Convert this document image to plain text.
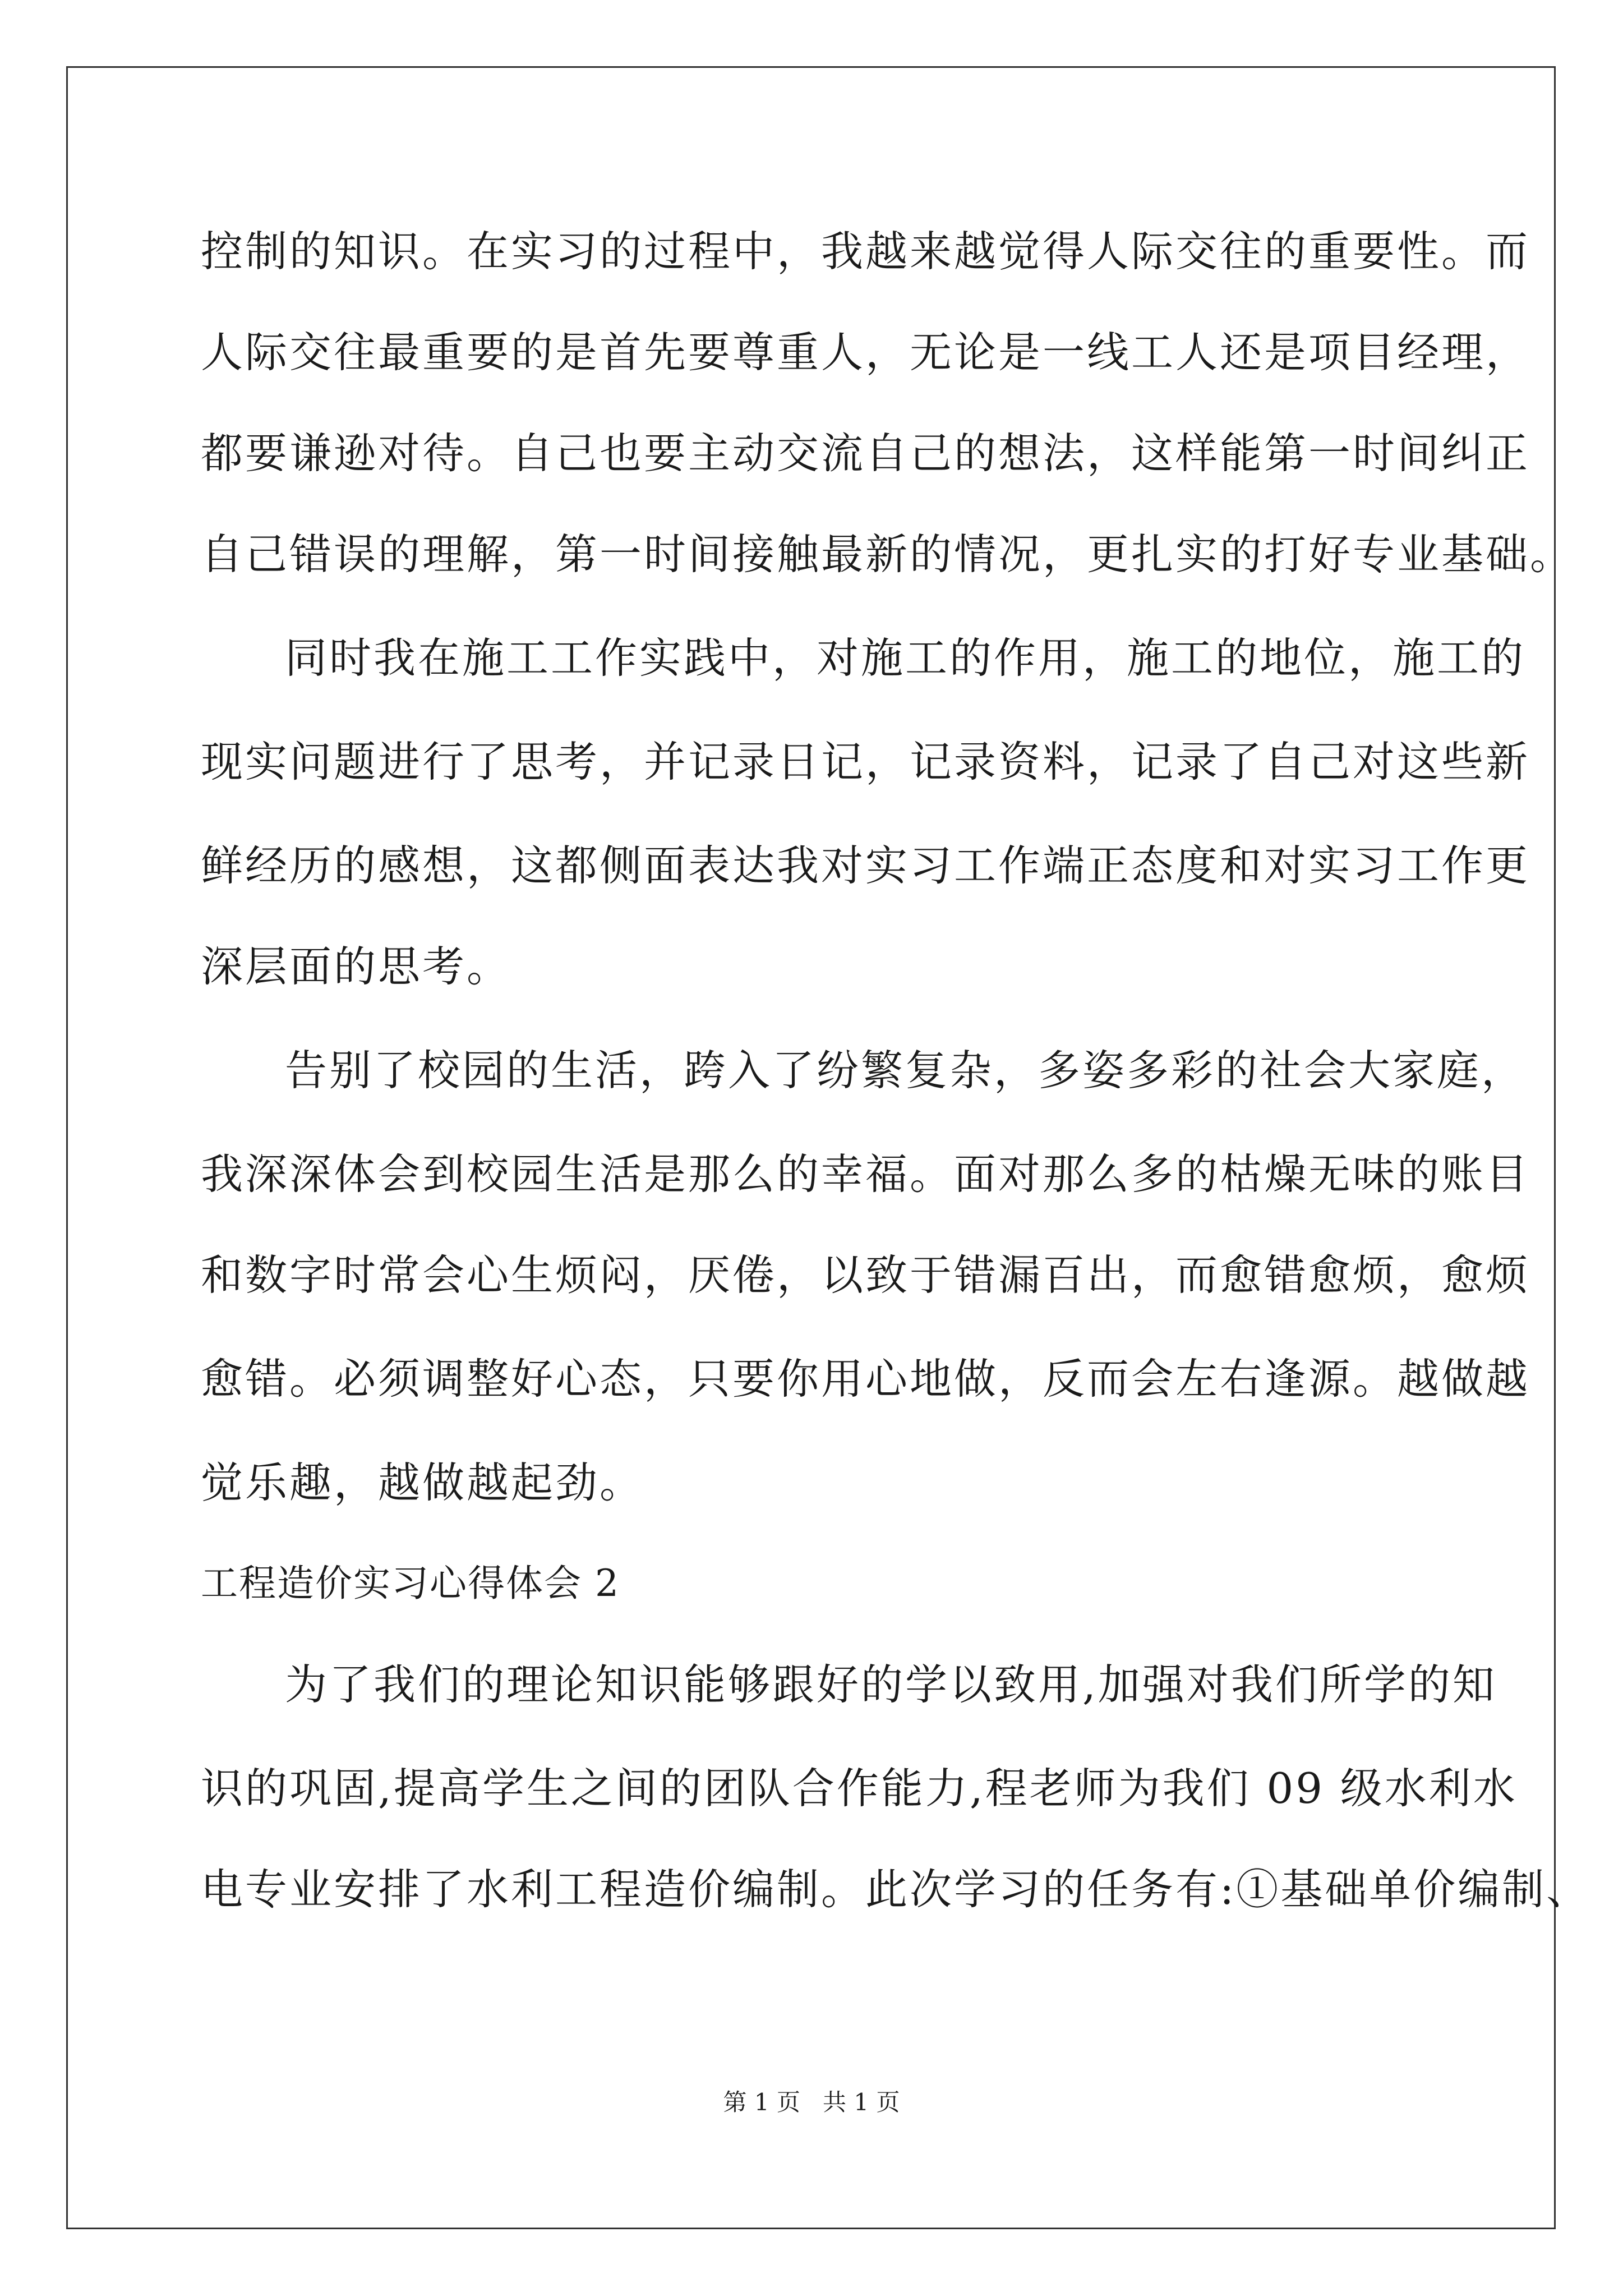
控制的知识。在实习的过程中，我越来越觉得人际交往的重要性。而
人际交往最重要的是首先要尊重人，无论是一线工人还是项目经理，
都要谦逊对待。自己也要主动交流自己的想法，这样能第一时间纠正
自己错误的理解，第一时间接触最新的情况，更扎实的打好专业基础。
同时我在施工工作实践中，对施工的作用，施工的地位，施工的
现实问题进行了思考，并记录日记，记录资料，记录了自己对这些新
鲜经历的感想，这都侧面表达我对实习工作端正态度和对实习工作更
深层面的思考。
告别了校园的生活，跨入了纷繁复杂，多姿多彩的社会大家庭，
我深深体会到校园生活是那么的幸福。面对那么多的枯燥无味的账目
和数字时常会心生烦闷，厌倦，以致于错漏百出，而愈错愈烦，愈烦
愈错。必须调整好心态，只要你用心地做，反而会左右逢源。越做越
觉乐趣，越做越起劲。
工程造价实习心得体会 2
为了我们的理论知识能够跟好的学以致用,加强对我们所学的知
识的巩固,提高学生之间的团队合作能力,程老师为我们 09 级水利水
电专业安排了水利工程造价编制。此次学习的任务有:①基础单价编制、
第 1 页   共 1 页
